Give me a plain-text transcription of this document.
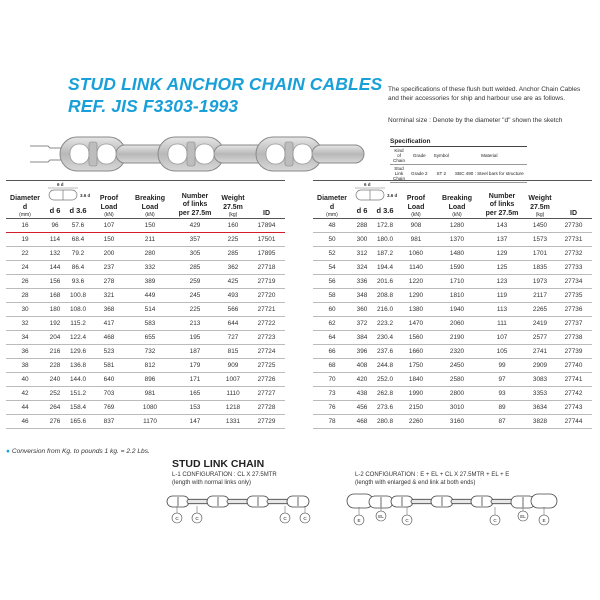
STUD LINK ANCHOR CHAIN CABLES
REF. JIS F3303-1993
The specifications of these flush butt welded. Anchor Chain Cables and their accessories for ship and harbour use are as follows.
Norminal size : Denote by the diameter "d" shown the sketch
Specification
Kind of Chain	Grade	Symbol	Material
Stud Link Chain	Grade 2	ST 2	SBC 490 : Steel bars for structure
Diameter
d
(mm)	6 d
3.6 d		Proof
Load
(kN)	Breaking
Load
(kN)	Number
of links
per 27.5m	Weight
27.5m
(kg)	ID
	d 6	d 3.6					
16	96	57.6	107	150	429	160	17894
19	114	68.4	150	211	357	225	17501
22	132	79.2	200	280	305	285	17895
24	144	86.4	237	332	285	362	27718
26	156	93.6	278	389	259	425	27719
28	168	100.8	321	449	245	493	27720
30	180	108.0	368	514	225	566	27721
32	192	115.2	417	583	213	644	27722
34	204	122.4	468	655	195	727	27723
36	216	129.6	523	732	187	815	27724
38	228	136.8	581	812	179	909	27725
40	240	144.0	640	896	171	1007	27726
42	252	151.2	703	981	165	1110	27727
44	264	158.4	769	1080	153	1218	27728
46	276	165.6	837	1170	147	1331	27729
Diameter
d
(mm)	6 d
3.6 d		Proof
Load
(kN)	Breaking
Load
(kN)	Number
of links
per 27.5m	Weight
27.5m
(kg)	ID
	d 6	d 3.6					
48	288	172.8	908	1280	143	1450	27730
50	300	180.0	981	1370	137	1573	27731
52	312	187.2	1060	1480	129	1701	27732
54	324	194.4	1140	1590	125	1835	27733
56	336	201.6	1220	1710	123	1973	27734
58	348	208.8	1290	1810	119	2117	27735
60	360	216.0	1380	1940	113	2265	27736
62	372	223.2	1470	2060	111	2419	27737
64	384	230.4	1560	2190	107	2577	27738
66	396	237.6	1660	2320	105	2741	27739
68	408	244.8	1750	2450	99	2909	27740
70	420	252.0	1840	2580	97	3083	27741
73	438	262.8	1990	2800	93	3353	27742
76	456	273.6	2150	3010	89	3634	27743
78	468	280.8	2260	3160	87	3828	27744
● Conversion from Kg. to pounds 1 kg. = 2.2 Lbs.
STUD LINK CHAIN
L-1 CONFIGURATION : CL X 27.5MTR
(length with normal links only)
L-2 CONFIGURATION : E + EL + CL X 27.5MTR + EL + E
(length with enlarged & end link at both ends)
C	C	C	C	E
EL
C	C
EL
E
